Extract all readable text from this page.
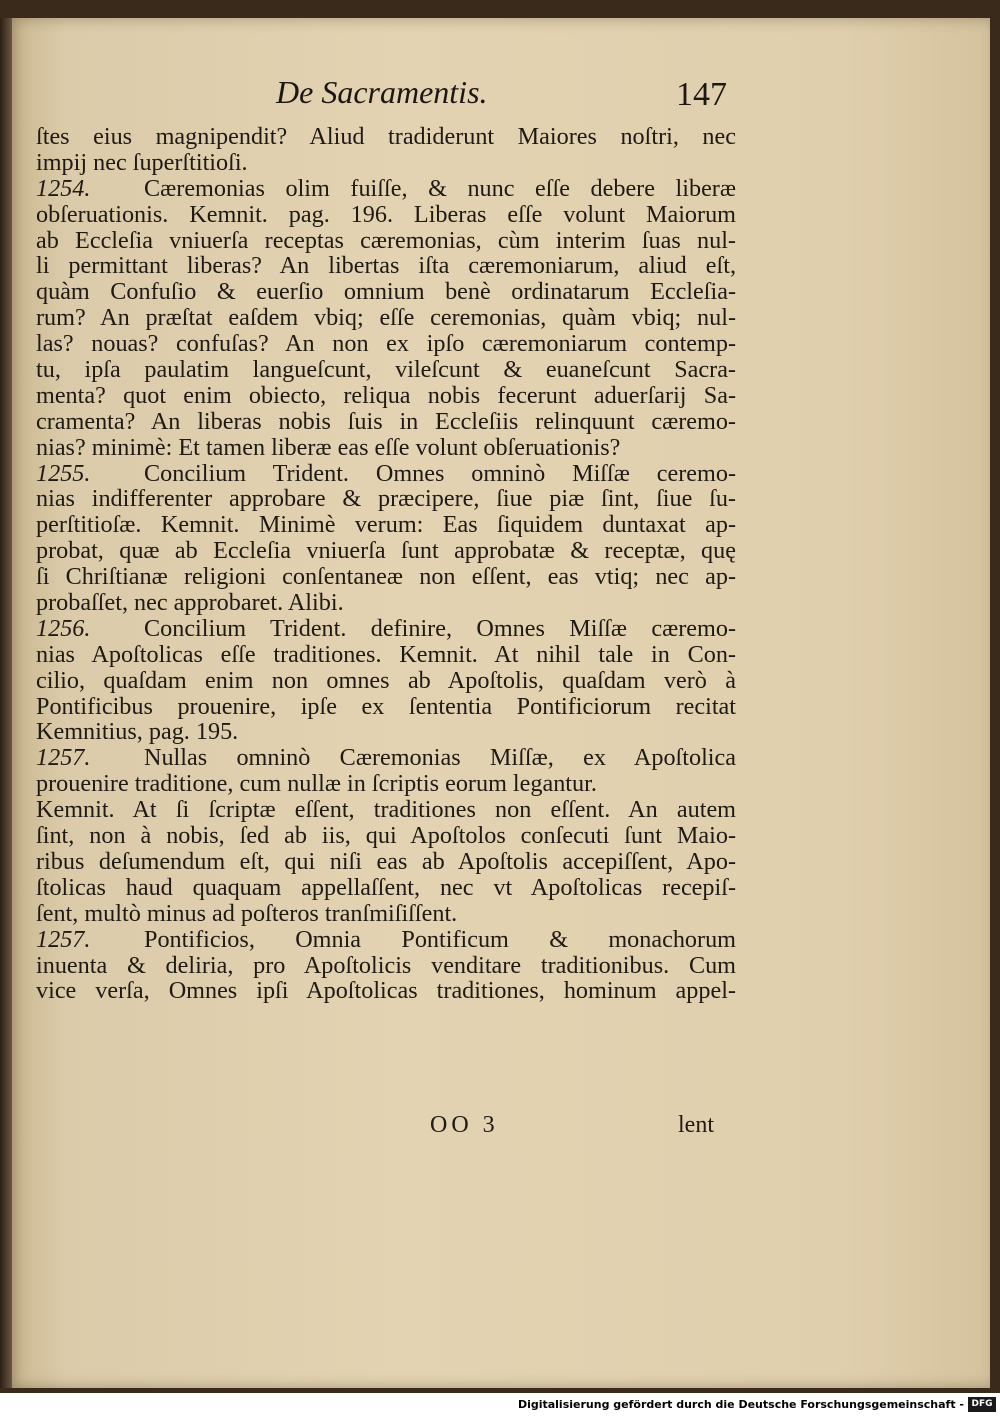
De Sacramentis.	147
ſtes eius magnipendit? Aliud tradiderunt Maiores noſtri, nec
impij nec ſuperſtitioſi.
1254. Cæremonias olim fuiſſe, & nunc eſſe debere liberæ
obſeruationis. Kemnit. pag. 196. Liberas eſſe volunt Maiorum
ab Eccleſia vniuerſa receptas cæremonias, cùm interim ſuas nul-
li permittant liberas? An libertas iſta cæremoniarum, aliud eſt,
quàm Confuſio & euerſio omnium benè ordinatarum Eccleſia-
rum? An præſtat eaſdem vbiq; eſſe ceremonias, quàm vbiq; nul-
las? nouas? confuſas? An non ex ipſo cæremoniarum contemp-
tu, ipſa paulatim langueſcunt, vileſcunt & euaneſcunt Sacra-
menta? quot enim obiecto, reliqua nobis fecerunt aduerſarij Sa-
cramenta? An liberas nobis ſuis in Eccleſiis relinquunt cæremo-
nias? minimè: Et tamen liberæ eas eſſe volunt obſeruationis?
1255. Concilium Trident. Omnes omninò Miſſæ ceremo-
nias indifferenter approbare & præcipere, ſiue piæ ſint, ſiue ſu-
perſtitioſæ. Kemnit. Minimè verum: Eas ſiquidem duntaxat ap-
probat, quæ ab Eccleſia vniuerſa ſunt approbatæ & receptæ, quę
ſi Chriſtianæ religioni conſentaneæ non eſſent, eas vtiq; nec ap-
probaſſet, nec approbaret. Alibi.
1256. Concilium Trident. definire, Omnes Miſſæ cæremo-
nias Apoſtolicas eſſe traditiones. Kemnit. At nihil tale in Con-
cilio, quaſdam enim non omnes ab Apoſtolis, quaſdam verò à
Pontificibus prouenire, ipſe ex ſententia Pontificiorum recitat
Kemnitius, pag. 195.
1257. Nullas omninò Cæremonias Miſſæ, ex Apoſtolica
prouenire traditione, cum nullæ in ſcriptis eorum legantur.
Kemnit. At ſi ſcriptæ eſſent, traditiones non eſſent. An autem
ſint, non à nobis, ſed ab iis, qui Apoſtolos conſecuti ſunt Maio-
ribus deſumendum eſt, qui niſi eas ab Apoſtolis accepiſſent, Apo-
ſtolicas haud quaquam appellaſſent, nec vt Apoſtolicas recepiſ-
ſent, multò minus ad poſteros tranſmiſiſſent.
1257. Pontificios, Omnia Pontificum & monachorum
inuenta & deliria, pro Apoſtolicis venditare traditionibus. Cum
vice verſa, Omnes ipſi Apoſtolicas traditiones, hominum appel-
OO 3	lent
Digitalisierung gefördert durch die Deutsche Forschungsgemeinschaft - DFG
